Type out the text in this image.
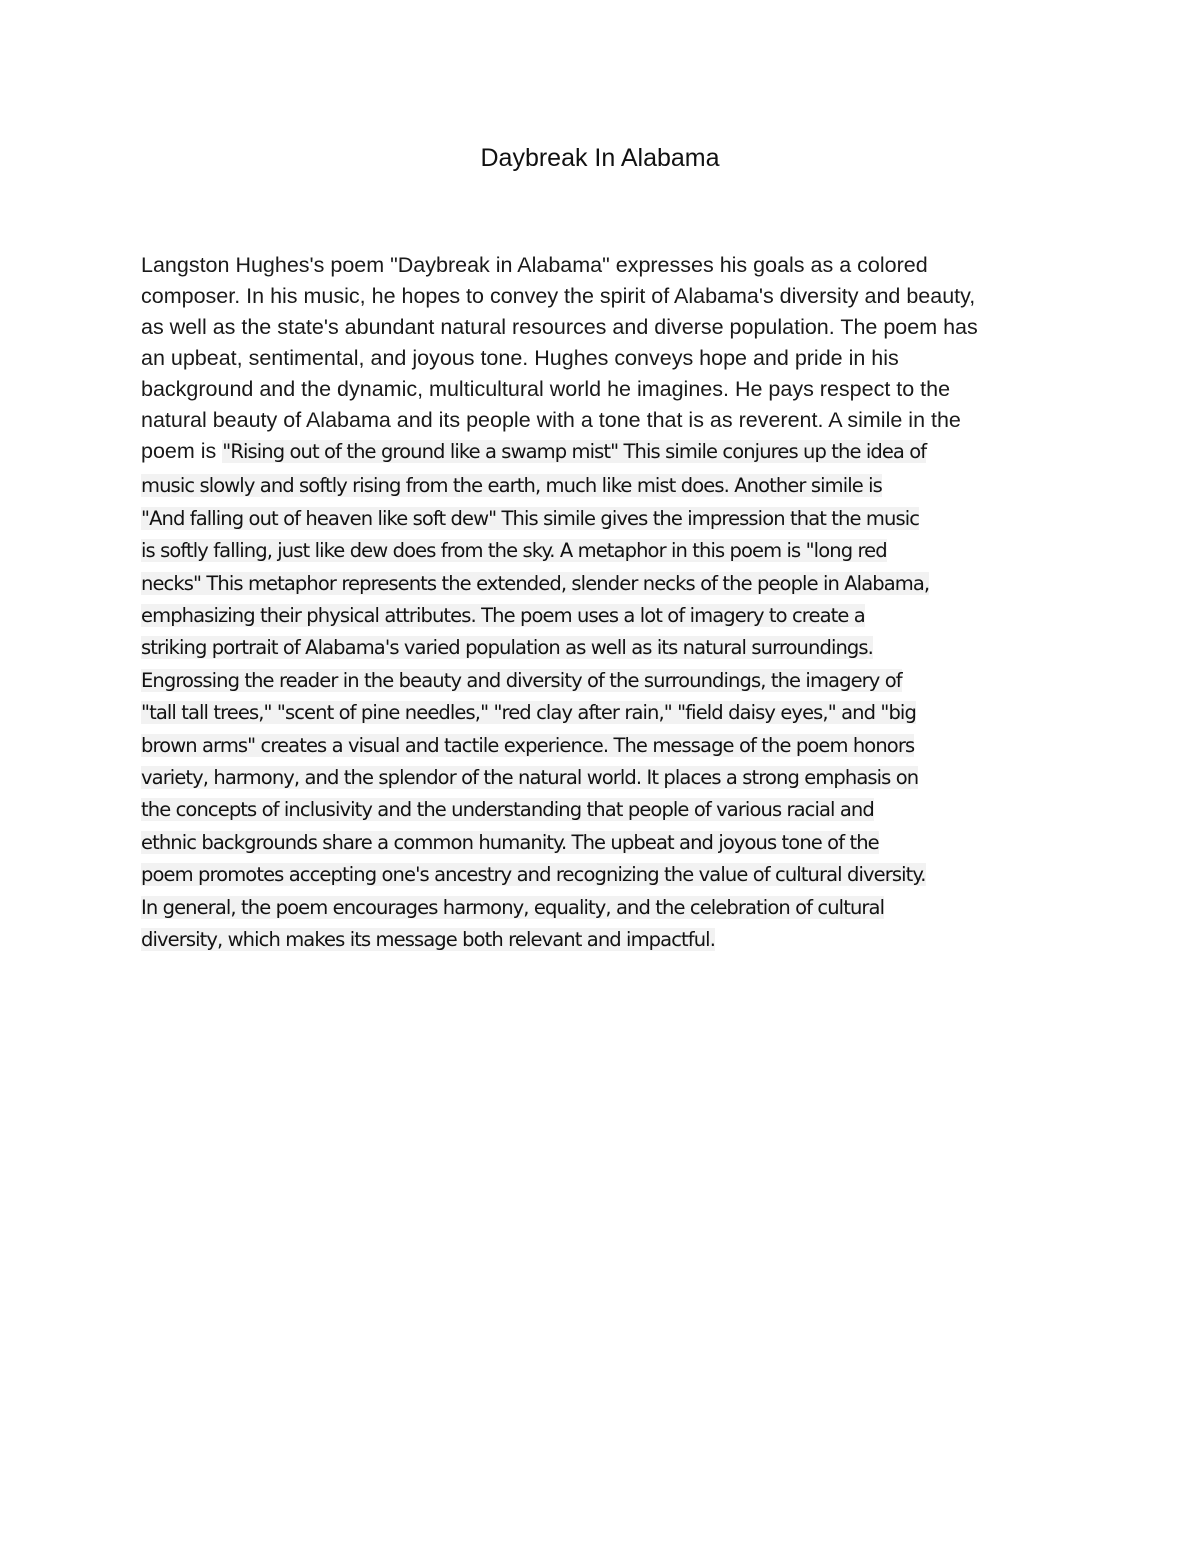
Daybreak In Alabama
Langston Hughes's poem "Daybreak in Alabama" expresses his goals as a colored
composer. In his music, he hopes to convey the spirit of Alabama's diversity and beauty,
as well as the state's abundant natural resources and diverse population. The poem has
an upbeat, sentimental, and joyous tone. Hughes conveys hope and pride in his
background and the dynamic, multicultural world he imagines. He pays respect to the
natural beauty of Alabama and its people with a tone that is as reverent. A simile in the
poem is "Rising out of the ground like a swamp mist" This simile conjures up the idea of
music slowly and softly rising from the earth, much like mist does. Another simile is
"And falling out of heaven like soft dew" This simile gives the impression that the music
is softly falling, just like dew does from the sky. A metaphor in this poem is "long red
necks" This metaphor represents the extended, slender necks of the people in Alabama,
emphasizing their physical attributes. The poem uses a lot of imagery to create a
striking portrait of Alabama's varied population as well as its natural surroundings.
Engrossing the reader in the beauty and diversity of the surroundings, the imagery of
"tall tall trees," "scent of pine needles," "red clay after rain," "field daisy eyes," and "big
brown arms" creates a visual and tactile experience. The message of the poem honors
variety, harmony, and the splendor of the natural world. It places a strong emphasis on
the concepts of inclusivity and the understanding that people of various racial and
ethnic backgrounds share a common humanity. The upbeat and joyous tone of the
poem promotes accepting one's ancestry and recognizing the value of cultural diversity.
In general, the poem encourages harmony, equality, and the celebration of cultural
diversity, which makes its message both relevant and impactful.
